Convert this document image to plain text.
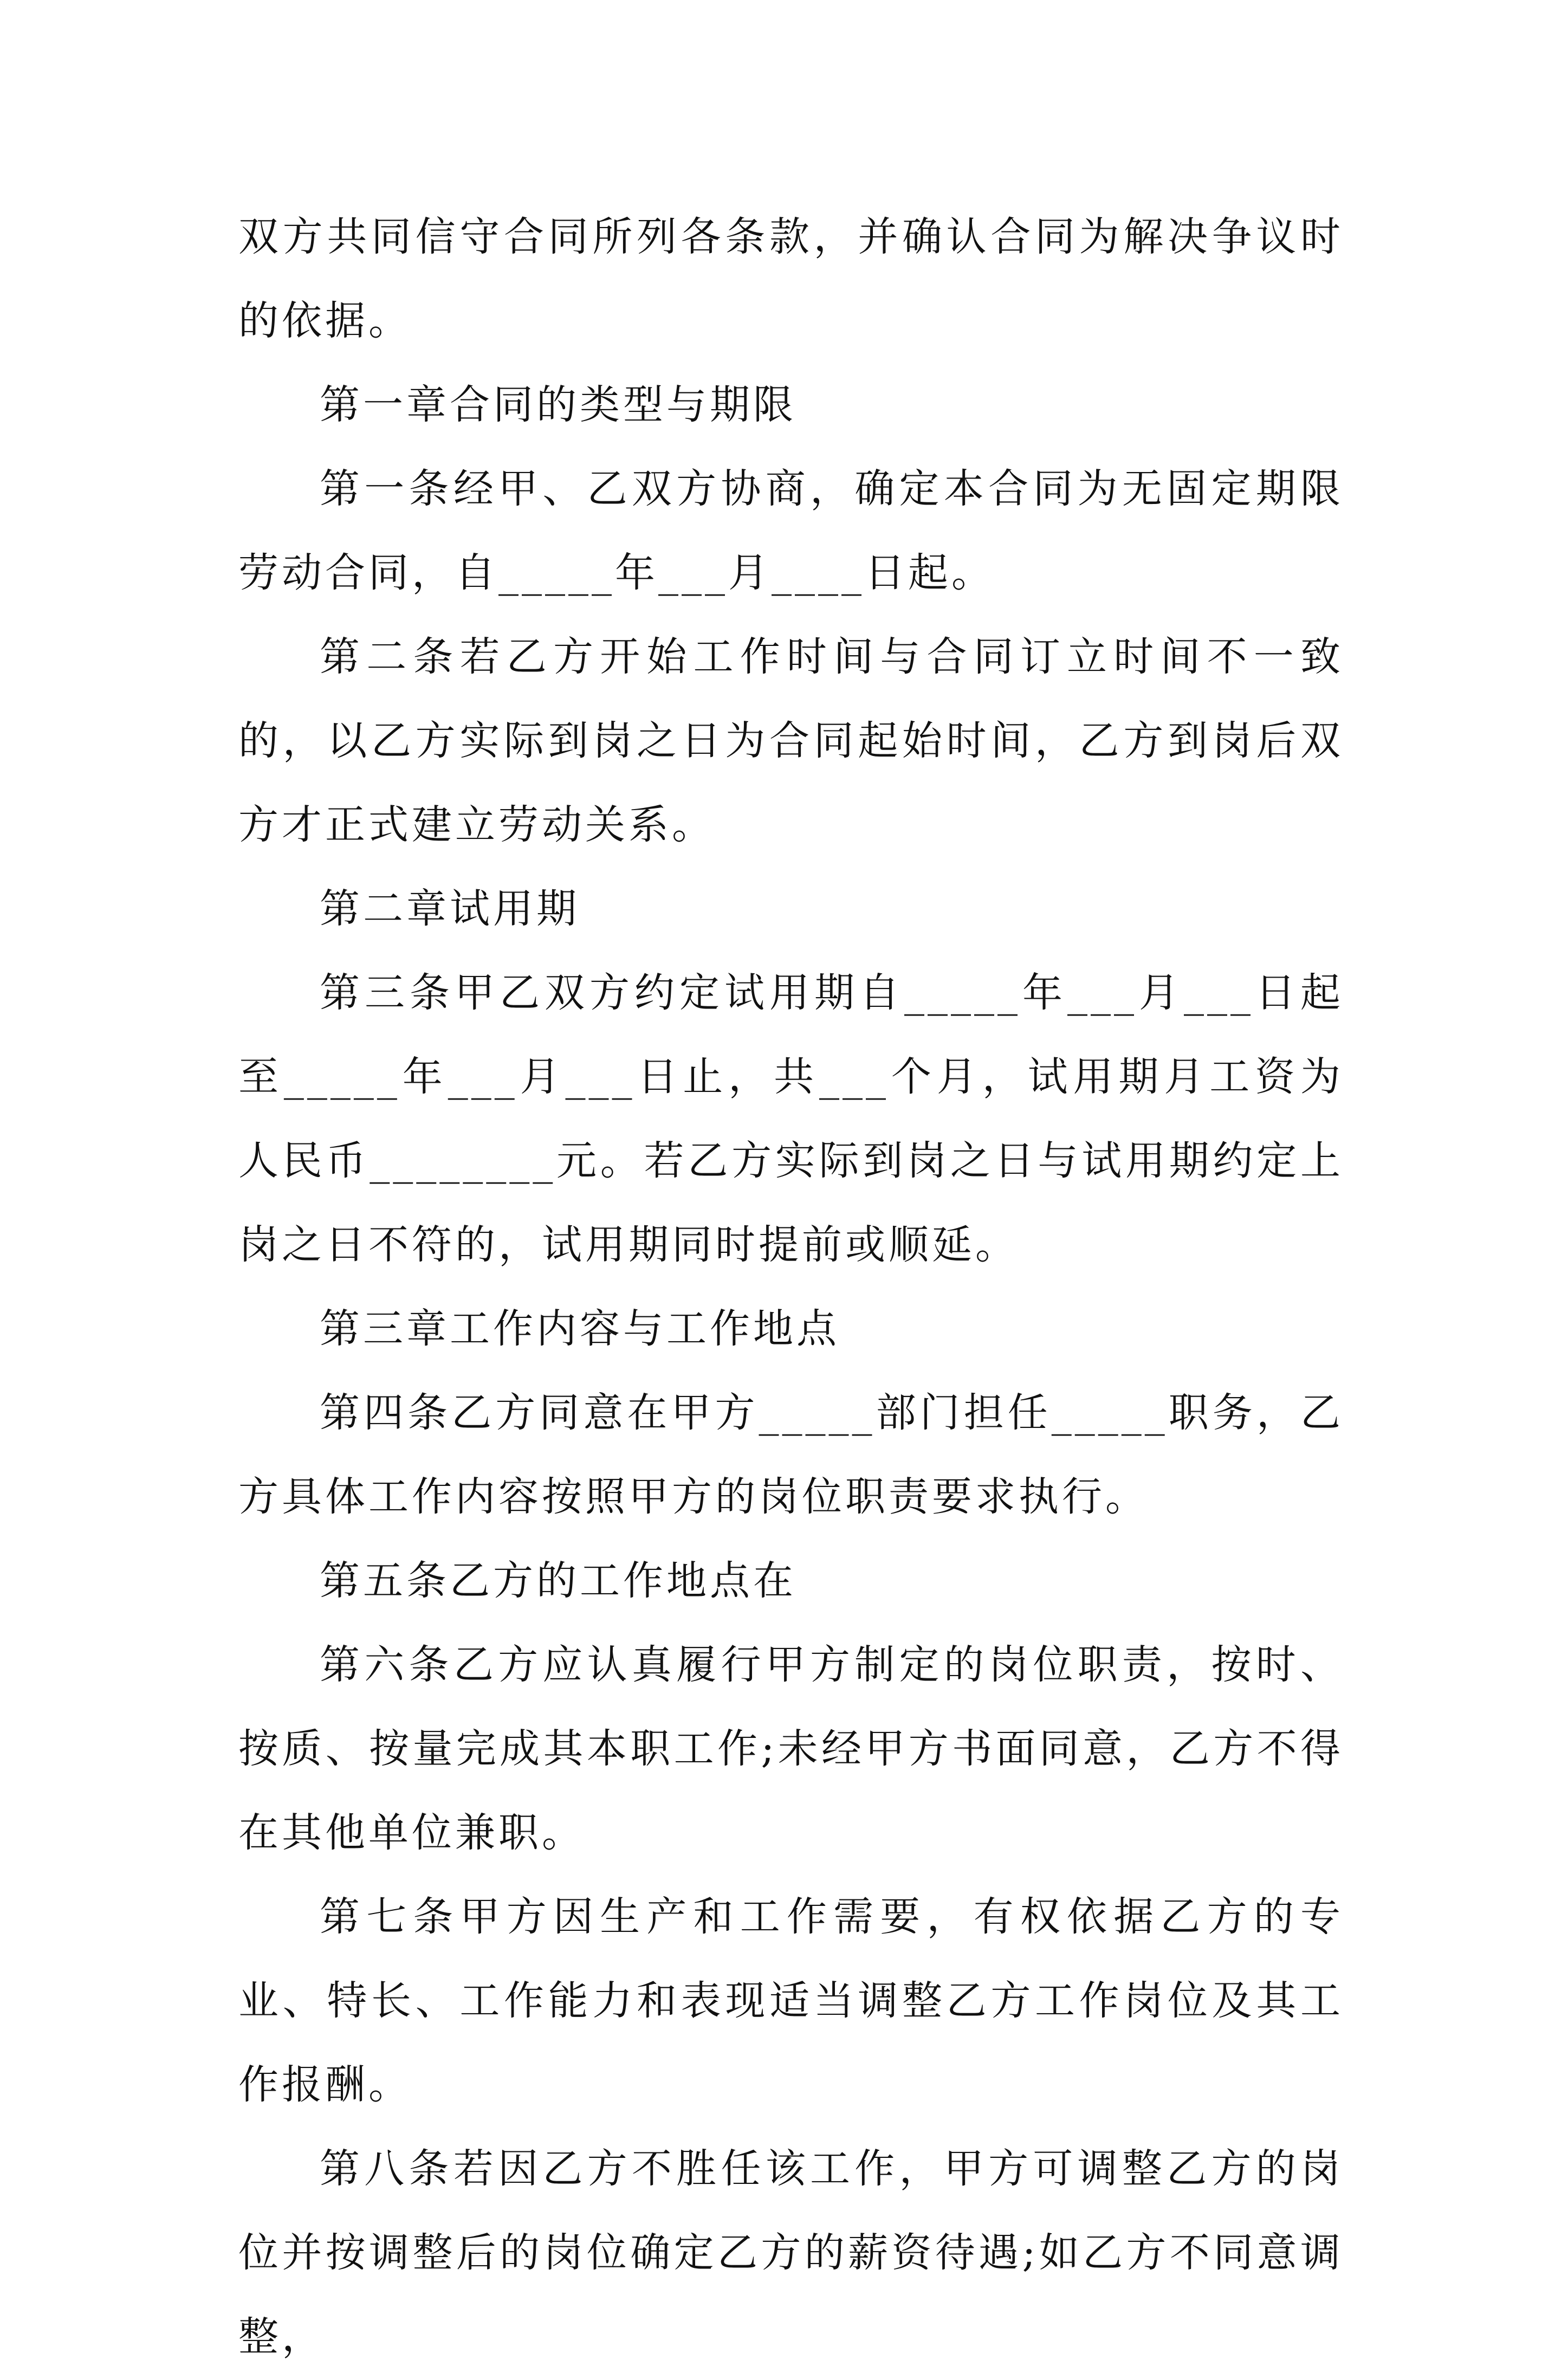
双方共同信守合同所列各条款，并确认合同为解决争议时的依据。

第一章合同的类型与期限

第一条经甲、乙双方协商，确定本合同为无固定期限劳动合同，自_____年___月____日起。

第二条若乙方开始工作时间与合同订立时间不一致的，以乙方实际到岗之日为合同起始时间，乙方到岗后双方才正式建立劳动关系。

第二章试用期

第三条甲乙双方约定试用期自_____年___月___日起至_____年___月___日止，共___个月，试用期月工资为人民币________元。若乙方实际到岗之日与试用期约定上岗之日不符的，试用期同时提前或顺延。

第三章工作内容与工作地点

第四条乙方同意在甲方_____部门担任_____职务，乙方具体工作内容按照甲方的岗位职责要求执行。

第五条乙方的工作地点在

第六条乙方应认真履行甲方制定的岗位职责，按时、按质、按量完成其本职工作;未经甲方书面同意，乙方不得在其他单位兼职。

第七条甲方因生产和工作需要，有权依据乙方的专业、特长、工作能力和表现适当调整乙方工作岗位及其工作报酬。

第八条若因乙方不胜任该工作，甲方可调整乙方的岗位并按调整后的岗位确定乙方的薪资待遇;如乙方不同意调整，
